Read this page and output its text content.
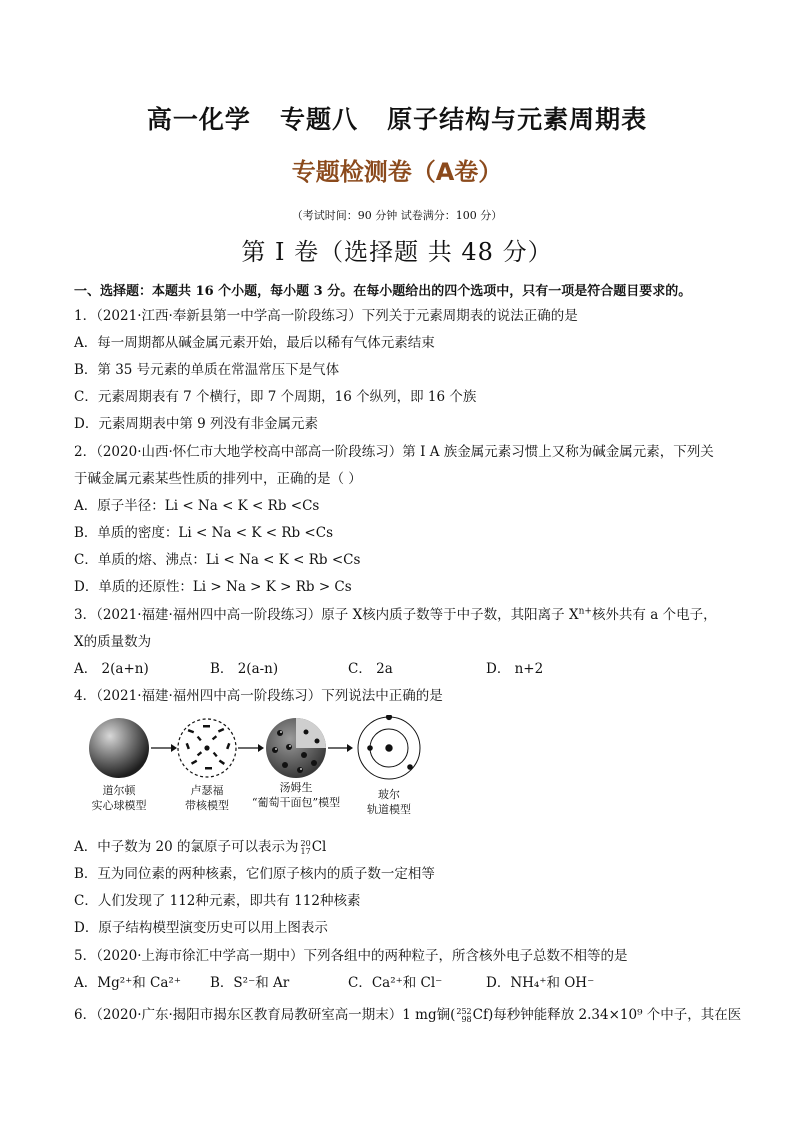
高一化学   专题八   原子结构与元素周期表
专题检测卷（A卷）
（考试时间：90 分钟 试卷满分：100 分）
第 I 卷（选择题 共 48 分）
一、选择题：本题共 16 个小题，每小题 3 分。在每小题给出的四个选项中，只有一项是符合题目要求的。
1．（2021·江西·奉新县第一中学高一阶段练习）下列关于元素周期表的说法正确的是
A．每一周期都从碱金属元素开始，最后以稀有气体元素结束
B．第 35 号元素的单质在常温常压下是气体
C．元素周期表有 7 个横行，即 7 个周期，16 个纵列，即 16 个族
D．元素周期表中第 9 列没有非金属元素
2．（2020·山西·怀仁市大地学校高中部高一阶段练习）第 I A 族金属元素习惯上又称为碱金属元素，下列关
于碱金属元素某些性质的排列中，正确的是（ ）
A．原子半径：Li < Na < K < Rb <Cs
B．单质的密度：Li < Na < K < Rb <Cs
C．单质的熔、沸点：Li < Na < K < Rb <Cs
D．单质的还原性：Li > Na > K > Rb > Cs
3．（2021·福建·福州四中高一阶段练习）原子 X核内质子数等于中子数，其阳离子 $X^{n+}$核外共有 a 个电子，
X的质量数为
A． 2(a+n)	B． 2(a-n)	C． 2a	D． n+2
4．（2021·福建·福州四中高一阶段练习）下列说法中正确的是
道尔顿
实心球模型
卢瑟福
带核模型
汤姆生
“葡萄干面包”模型
玻尔
轨道模型
A．中子数为 20 的氯原子可以表示为 20
17 Cl
B．互为同位素的两种核素，它们原子核内的质子数一定相等
C．人们发现了 112种元素，即共有 112种核素
D．原子结构模型演变历史可以用上图表示
5．（2020·上海市徐汇中学高一期中）下列各组中的两种粒子，所含核外电子总数不相等的是
A．Mg²⁺和 Ca²⁺ B．S²⁻和 Ar	C．Ca²⁺和 Cl⁻	D．NH₄⁺和 OH⁻
6．（2020·广东·揭阳市揭东区教育局教研室高一期末）1 mg锎( 252
98 Cf)每秒钟能释放 2.34×10⁹ 个中子，其在医
